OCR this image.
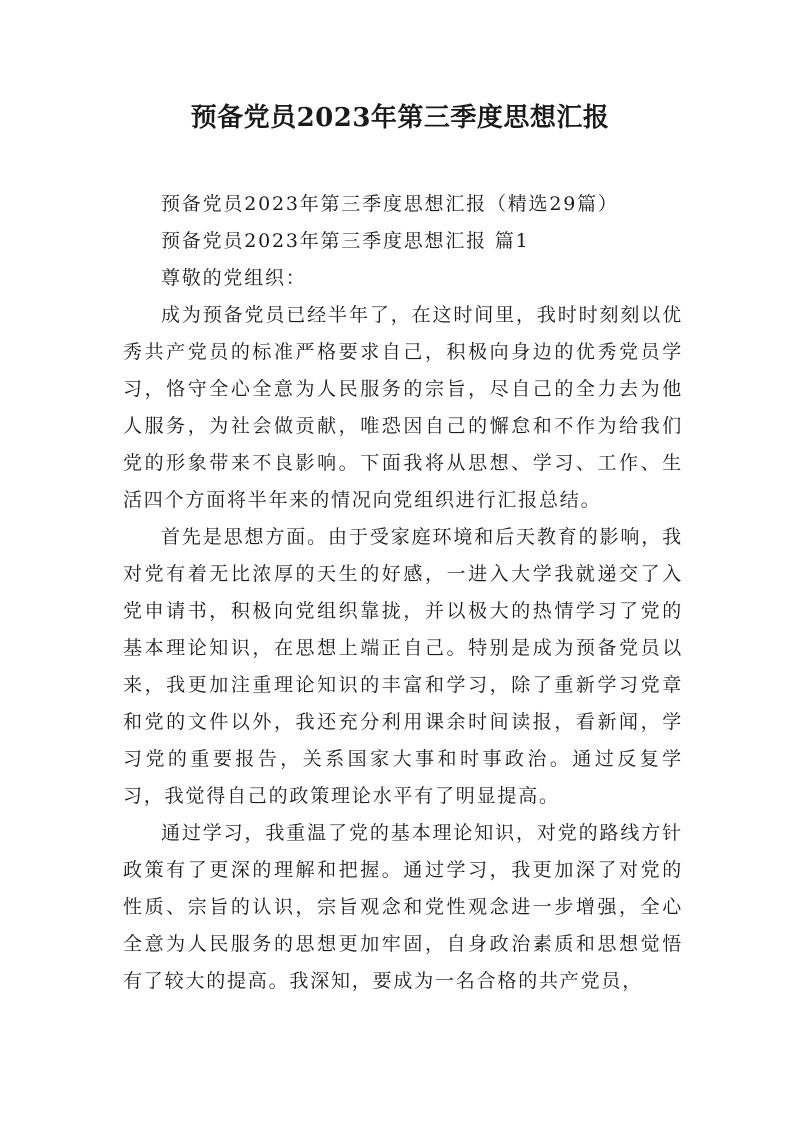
预备党员2023年第三季度思想汇报

预备党员2023年第三季度思想汇报（精选29篇）

预备党员2023年第三季度思想汇报 篇1

尊敬的党组织：

成为预备党员已经半年了，在这时间里，我时时刻刻以优秀共产党员的标准严格要求自己，积极向身边的优秀党员学习，恪守全心全意为人民服务的宗旨，尽自己的全力去为他人服务，为社会做贡献，唯恐因自己的懈怠和不作为给我们党的形象带来不良影响。下面我将从思想、学习、工作、生活四个方面将半年来的情况向党组织进行汇报总结。

首先是思想方面。由于受家庭环境和后天教育的影响，我对党有着无比浓厚的天生的好感，一进入大学我就递交了入党申请书，积极向党组织靠拢，并以极大的热情学习了党的基本理论知识，在思想上端正自己。特别是成为预备党员以来，我更加注重理论知识的丰富和学习，除了重新学习党章和党的文件以外，我还充分利用课余时间读报，看新闻，学习党的重要报告，关系国家大事和时事政治。通过反复学习，我觉得自己的政策理论水平有了明显提高。

通过学习，我重温了党的基本理论知识，对党的路线方针政策有了更深的理解和把握。通过学习，我更加深了对党的性质、宗旨的认识，宗旨观念和党性观念进一步增强，全心全意为人民服务的思想更加牢固，自身政治素质和思想觉悟有了较大的提高。我深知，要成为一名合格的共产党员，
